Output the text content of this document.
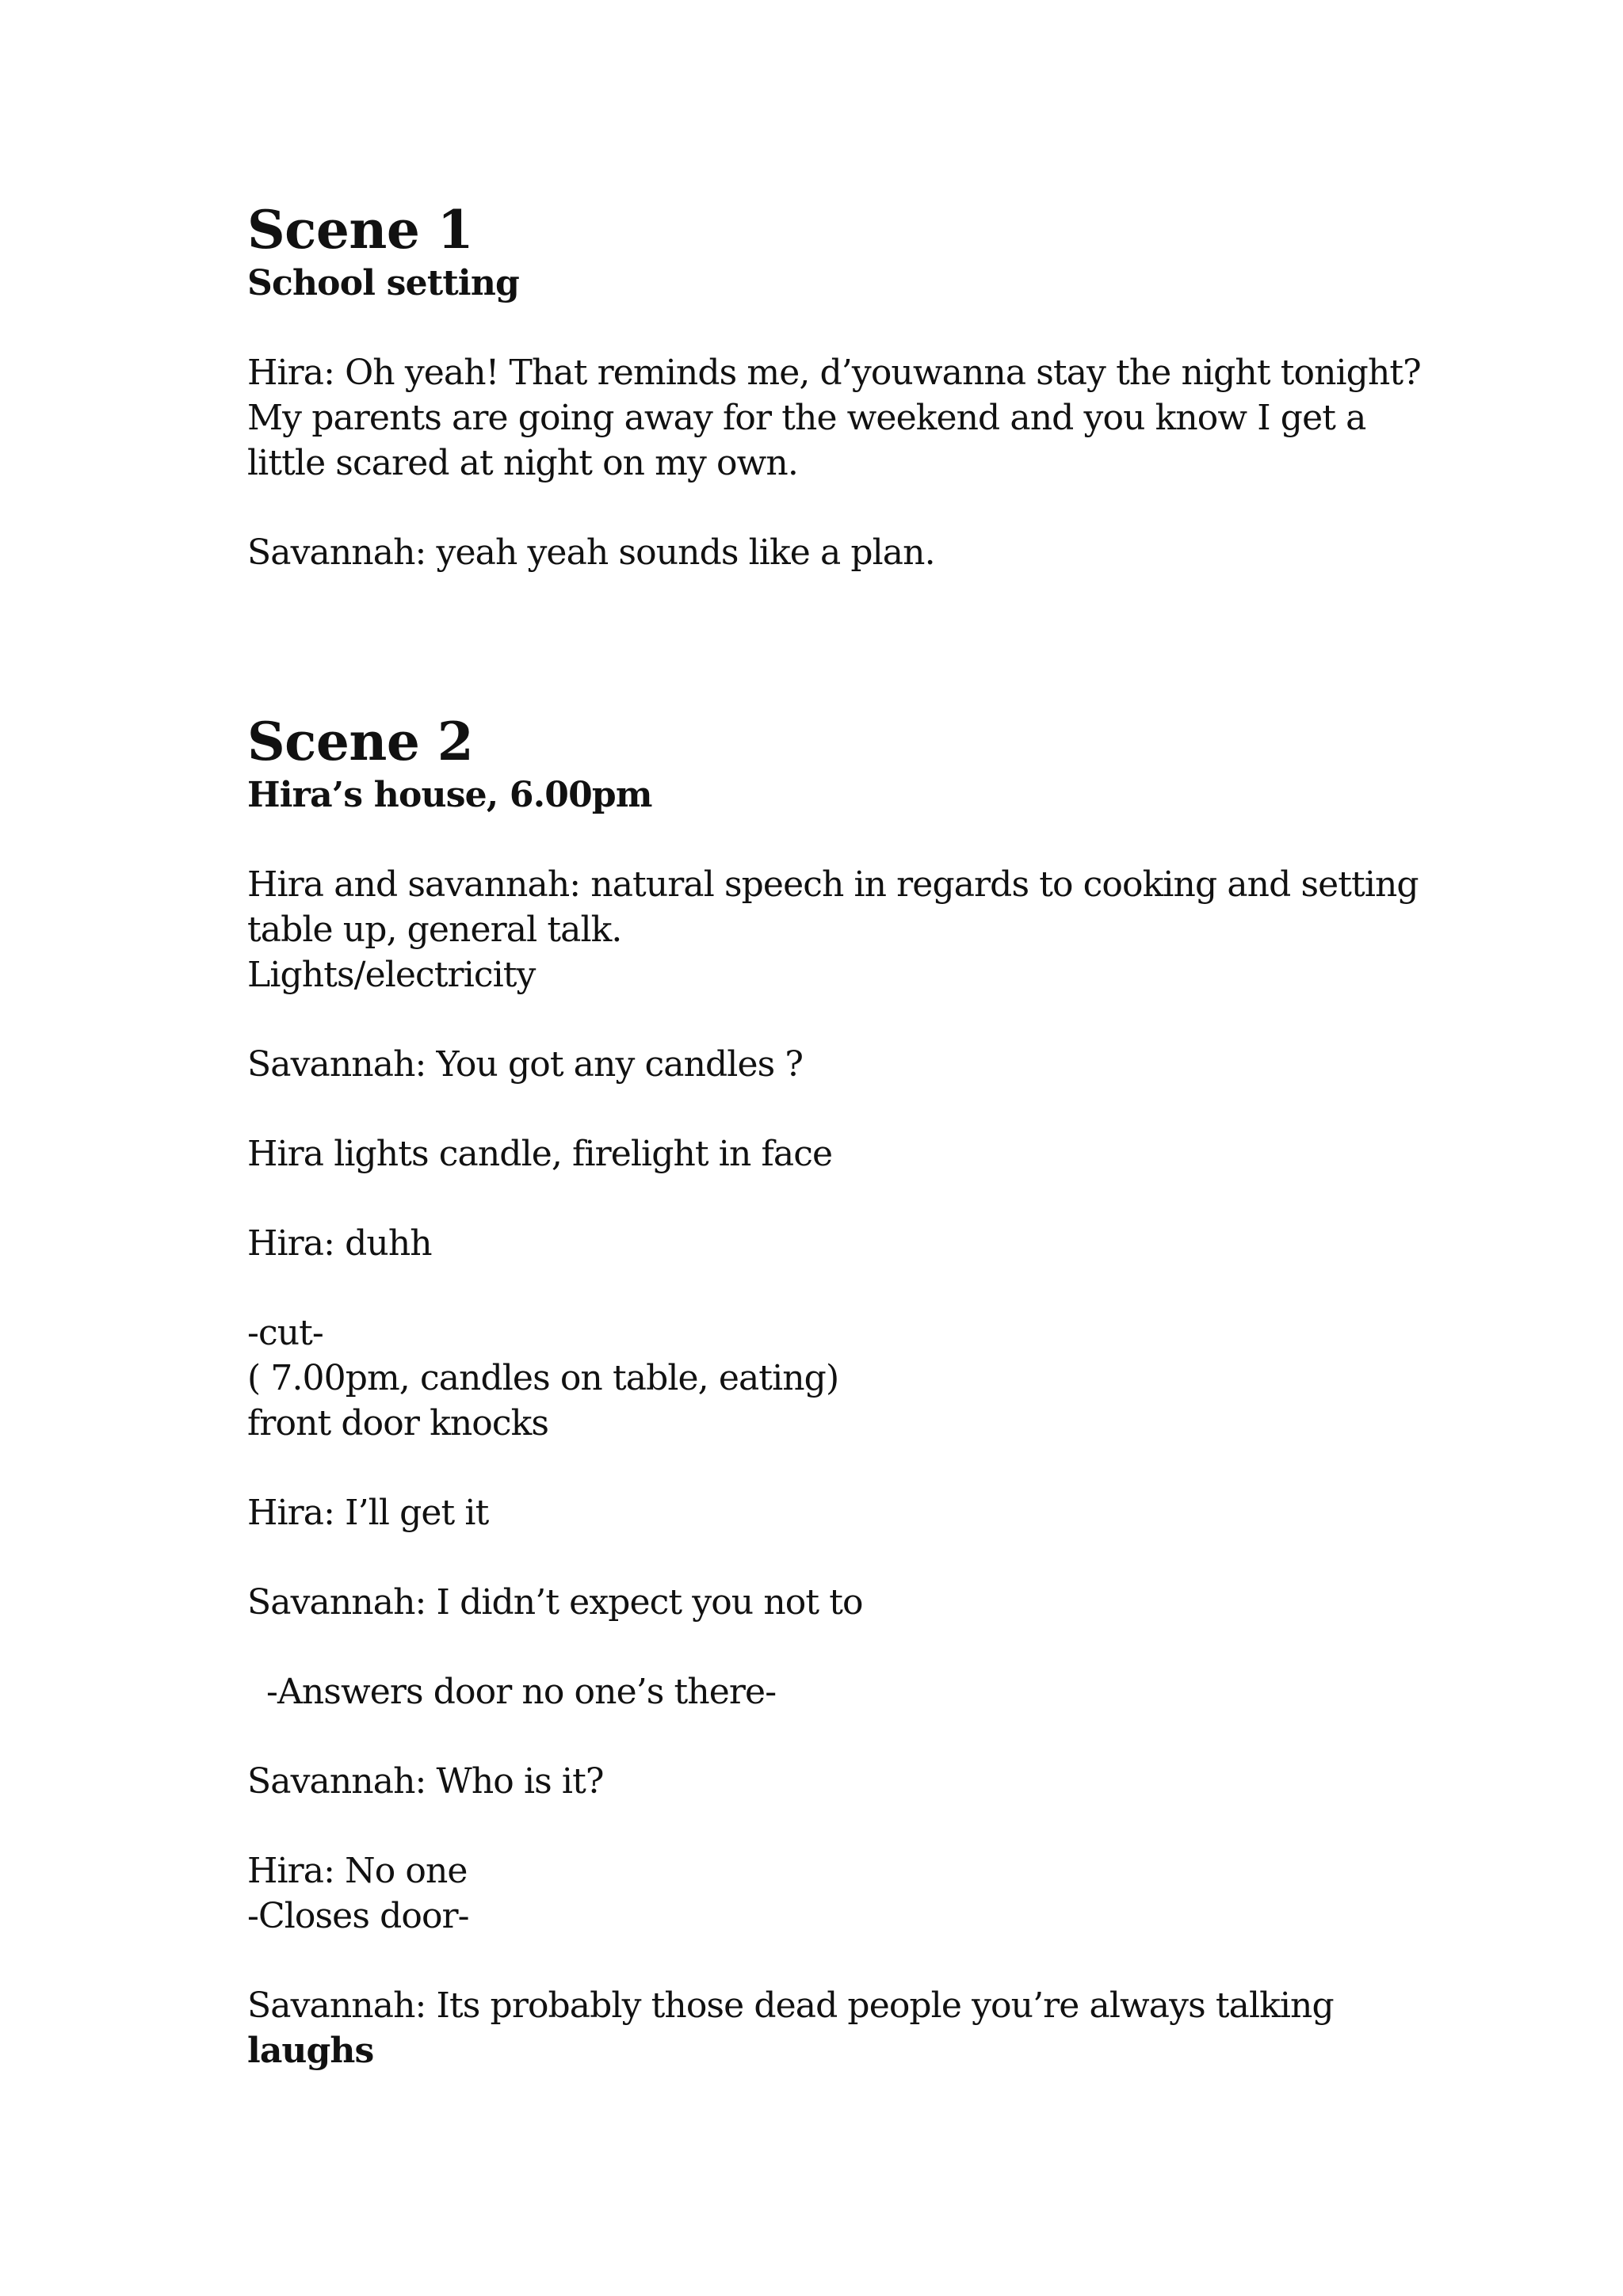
Scene 1
School setting

Hira: Oh yeah! That reminds me, d’youwanna stay the night tonight?

My parents are going away for the weekend and you know I get a

little scared at night on my own.

Savannah: yeah yeah sounds like a plan.

Scene 2
Hira’s house, 6.00pm

Hira and savannah: natural speech in regards to cooking and setting

table up, general talk.

Lights/electricity

Savannah: You got any candles ?

Hira lights candle, firelight in face

Hira: duhh

-cut-

( 7.00pm, candles on table, eating)

front door knocks

Hira: I’ll get it

Savannah: I didn’t expect you not to

-Answers door no one’s there-

Savannah: Who is it?

Hira: No one

-Closes door-

Savannah: Its probably those dead people you’re always talking

laughs
